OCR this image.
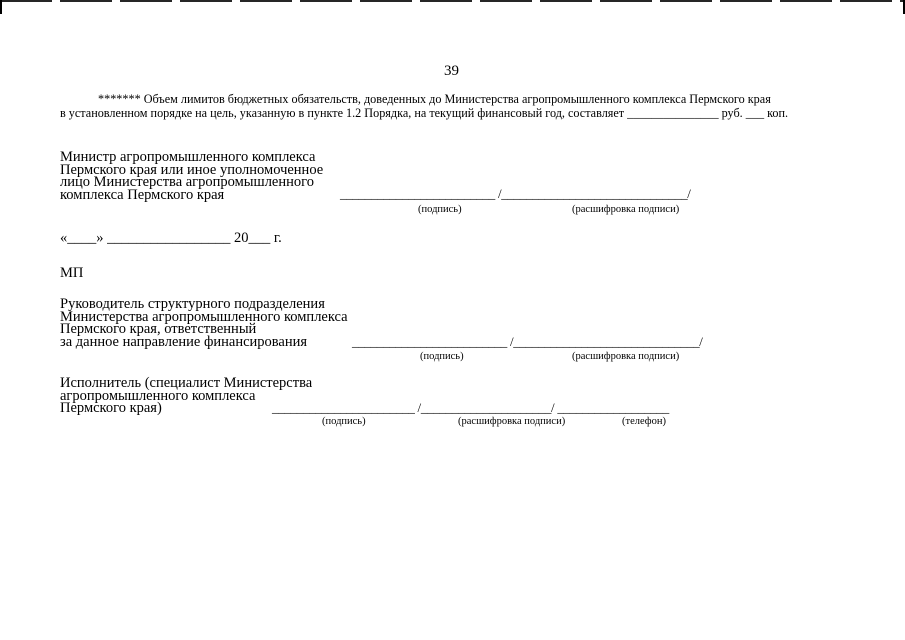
39
******* Объем лимитов бюджетных обязательств, доведенных до Министерства агропромышленного комплекса Пермского края
в установленном порядке на цель, указанную в пункте 1.2 Порядка, на текущий финансовый год, составляет _______________ руб. ___ коп.
Министр агропромышленного комплекса
Пермского края или иное уполномоченное
лицо Министерства агропромышленного
комплекса Пермского края	_________________________ /______________________________/
(подпись)	(расшифровка подписи)
«____» _________________ 20___ г.
МП
Руководитель структурного подразделения
Министерства агропромышленного комплекса
Пермского края, ответственный
за данное направление финансирования	_________________________ /______________________________/
(подпись)	(расшифровка подписи)
Исполнитель (специалист Министерства
агропромышленного комплекса
Пермского края)	_______________________ /_____________________/ __________________
(подпись)	(расшифровка подписи)	(телефон)
